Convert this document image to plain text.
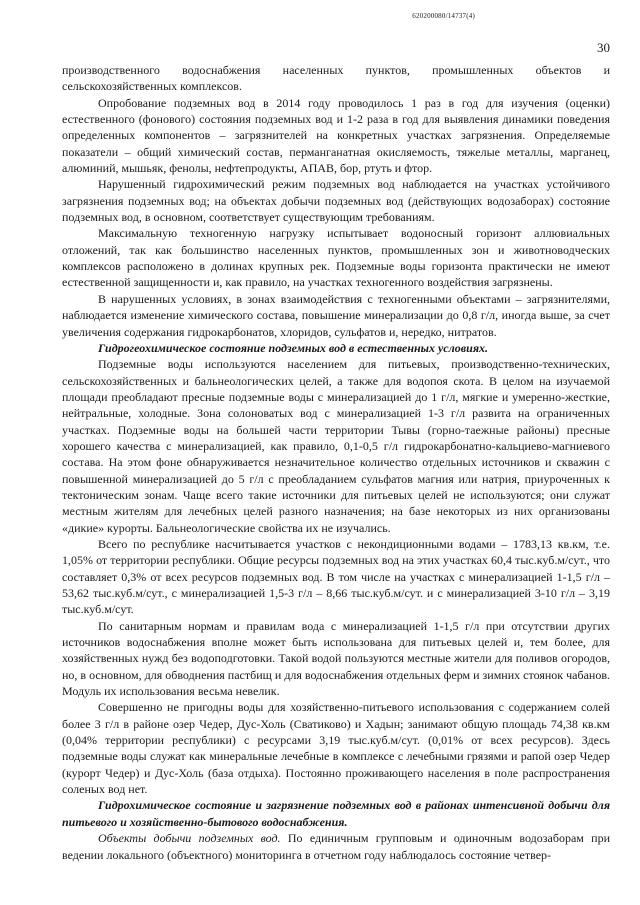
620200080/14737(4)
30

производственного водоснабжения населенных пунктов, промышленных объектов и сельскохозяйственных комплексов.

Опробование подземных вод в 2014 году проводилось 1 раз в год для изучения (оценки) естественного (фонового) состояния подземных вод и 1-2 раза в год для выявления динамики поведения определенных компонентов – загрязнителей на конкретных участках загрязнения. Определяемые показатели – общий химический состав, перманганатная окисляемость, тяжелые металлы, марганец, алюминий, мышьяк, фенолы, нефтепродукты, АПАВ, бор, ртуть и фтор.

Нарушенный гидрохимический режим подземных вод наблюдается на участках устойчивого загрязнения подземных вод; на объектах добычи подземных вод (действующих водозаборах) состояние подземных вод, в основном, соответствует существующим требованиям.

Максимальную техногенную нагрузку испытывает водоносный горизонт аллювиальных отложений, так как большинство населенных пунктов, промышленных зон и животноводческих комплексов расположено в долинах крупных рек. Подземные воды горизонта практически не имеют естественной защищенности и, как правило, на участках техногенного воздействия загрязнены.

В нарушенных условиях, в зонах взаимодействия с техногенными объектами – загрязнителями, наблюдается изменение химического состава, повышение минерализации до 0,8 г/л, иногда выше, за счет увеличения содержания гидрокарбонатов, хлоридов, сульфатов и, нередко, нитратов.

Гидрогеохимическое состояние подземных вод в естественных условиях.

Подземные воды используются населением для питьевых, производственно-технических, сельскохозяйственных и бальнеологических целей, а также для водопоя скота. В целом на изучаемой площади преобладают пресные подземные воды с минерализацией до 1 г/л, мягкие и умеренно-жесткие, нейтральные, холодные. Зона солоноватых вод с минерализацией 1-3 г/л развита на ограниченных участках. Подземные воды на большей части территории Тывы (горно-таежные районы) пресные хорошего качества с минерализацией, как правило, 0,1-0,5 г/л гидрокарбонатно-кальциево-магниевого состава. На этом фоне обнаруживается незначительное количество отдельных источников и скважин с повышенной минерализацией до 5 г/л с преобладанием сульфатов магния или натрия, приуроченных к тектоническим зонам. Чаще всего такие источники для питьевых целей не используются; они служат местным жителям для лечебных целей разного назначения; на базе некоторых из них организованы «дикие» курорты. Бальнеологические свойства их не изучались.

Всего по республике насчитывается участков с некондиционными водами – 1783,13 кв.км, т.е. 1,05% от территории республики. Общие ресурсы подземных вод на этих участках 60,4 тыс.куб.м/сут., что составляет 0,3% от всех ресурсов подземных вод. В том числе на участках с минерализацией 1-1,5 г/л – 53,62 тыс.куб.м/сут., с минерализацией 1,5-3 г/л – 8,66 тыс.куб.м/сут. и с минерализацией 3-10 г/л – 3,19 тыс.куб.м/сут.

По санитарным нормам и правилам вода с минерализацией 1-1,5 г/л при отсутствии других источников водоснабжения вполне может быть использована для питьевых целей и, тем более, для хозяйственных нужд без водоподготовки. Такой водой пользуются местные жители для поливов огородов, но, в основном, для обводнения пастбищ и для водоснабжения отдельных ферм и зимних стоянок чабанов. Модуль их использования весьма невелик.

Совершенно не пригодны воды для хозяйственно-питьевого использования с содержанием солей более 3 г/л в районе озер Чедер, Дус-Холь (Сватиково) и Хадын; занимают общую площадь 74,38 кв.км (0,04% территории республики) с ресурсами 3,19 тыс.куб.м/сут. (0,01% от всех ресурсов). Здесь подземные воды служат как минеральные лечебные в комплексе с лечебными грязями и рапой озер Чедер (курорт Чедер) и Дус-Холь (база отдыха). Постоянно проживающего населения в поле распространения соленых вод нет.

Гидрохимическое состояние и загрязнение подземных вод в районах интенсивной добычи для питьевого и хозяйственно-бытового водоснабжения.

Объекты добычи подземных вод. По единичным групповым и одиночным водозаборам при ведении локального (объектного) мониторинга в отчетном году наблюдалось состояние четвер-
